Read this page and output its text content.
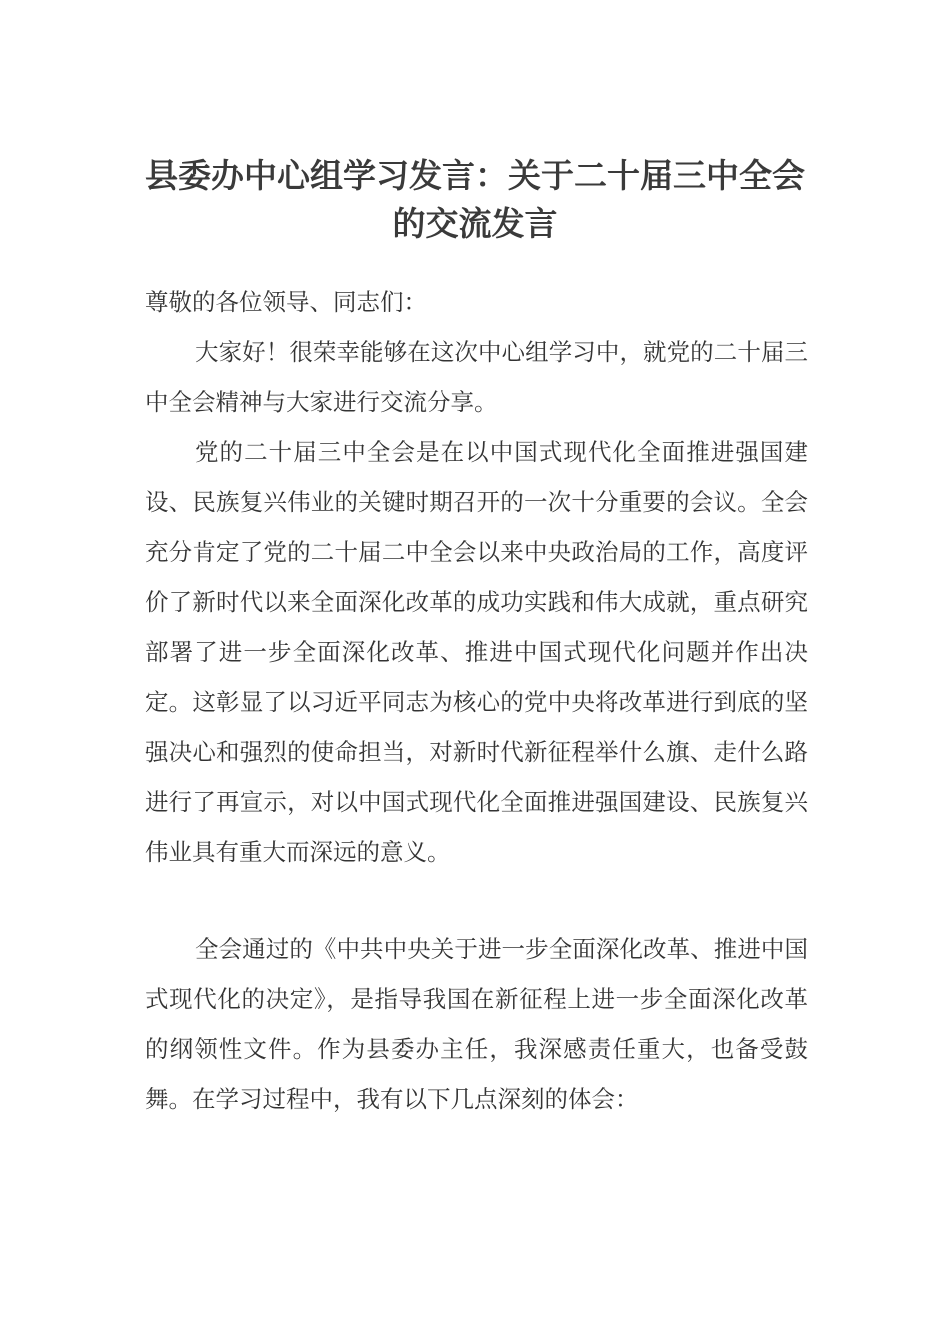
县委办中心组学习发言：关于二十届三中全会的交流发言

尊敬的各位领导、同志们：

大家好！很荣幸能够在这次中心组学习中，就党的二十届三中全会精神与大家进行交流分享。

党的二十届三中全会是在以中国式现代化全面推进强国建设、民族复兴伟业的关键时期召开的一次十分重要的会议。全会充分肯定了党的二十届二中全会以来中央政治局的工作，高度评价了新时代以来全面深化改革的成功实践和伟大成就，重点研究部署了进一步全面深化改革、推进中国式现代化问题并作出决定。这彰显了以习近平同志为核心的党中央将改革进行到底的坚强决心和强烈的使命担当，对新时代新征程举什么旗、走什么路进行了再宣示，对以中国式现代化全面推进强国建设、民族复兴伟业具有重大而深远的意义。

全会通过的《中共中央关于进一步全面深化改革、推进中国式现代化的决定》，是指导我国在新征程上进一步全面深化改革的纲领性文件。作为县委办主任，我深感责任重大，也备受鼓舞。在学习过程中，我有以下几点深刻的体会：
